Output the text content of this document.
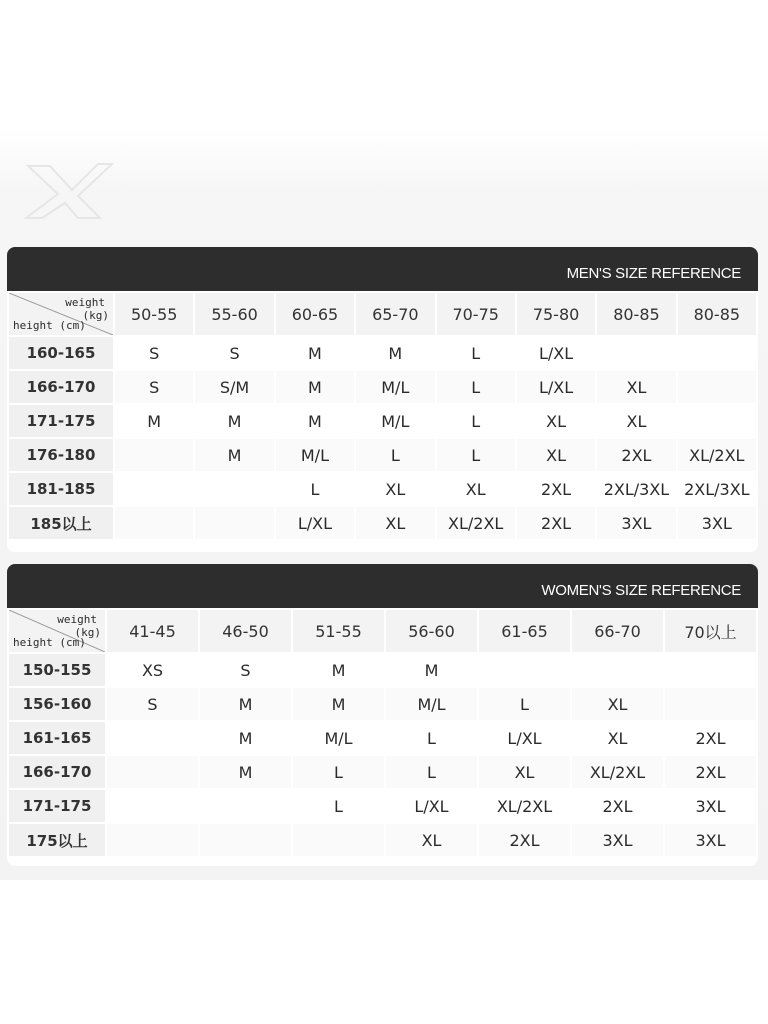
MEN'S SIZE REFERENCE
weight
(kg)
height (cm)	50-55	55-60	60-65	65-70	70-75	75-80	80-85	80-85
160-165	S	S	M	M	L	L/XL		
166-170	S	S/M	M	M/L	L	L/XL	XL	
171-175	M	M	M	M/L	L	XL	XL	
176-180		M	M/L	L	L	XL	2XL	XL/2XL
181-185			L	XL	XL	2XL	2XL/3XL	2XL/3XL
185以上			L/XL	XL	XL/2XL	2XL	3XL	3XL
WOMEN'S SIZE REFERENCE
weight
(kg)
height (cm)	41-45	46-50	51-55	56-60	61-65	66-70	70以上
150-155	XS	S	M	M			
156-160	S	M	M	M/L	L	XL	
161-165		M	M/L	L	L/XL	XL	2XL
166-170		M	L	L	XL	XL/2XL	2XL
171-175			L	L/XL	XL/2XL	2XL	3XL
175以上				XL	2XL	3XL	3XL
